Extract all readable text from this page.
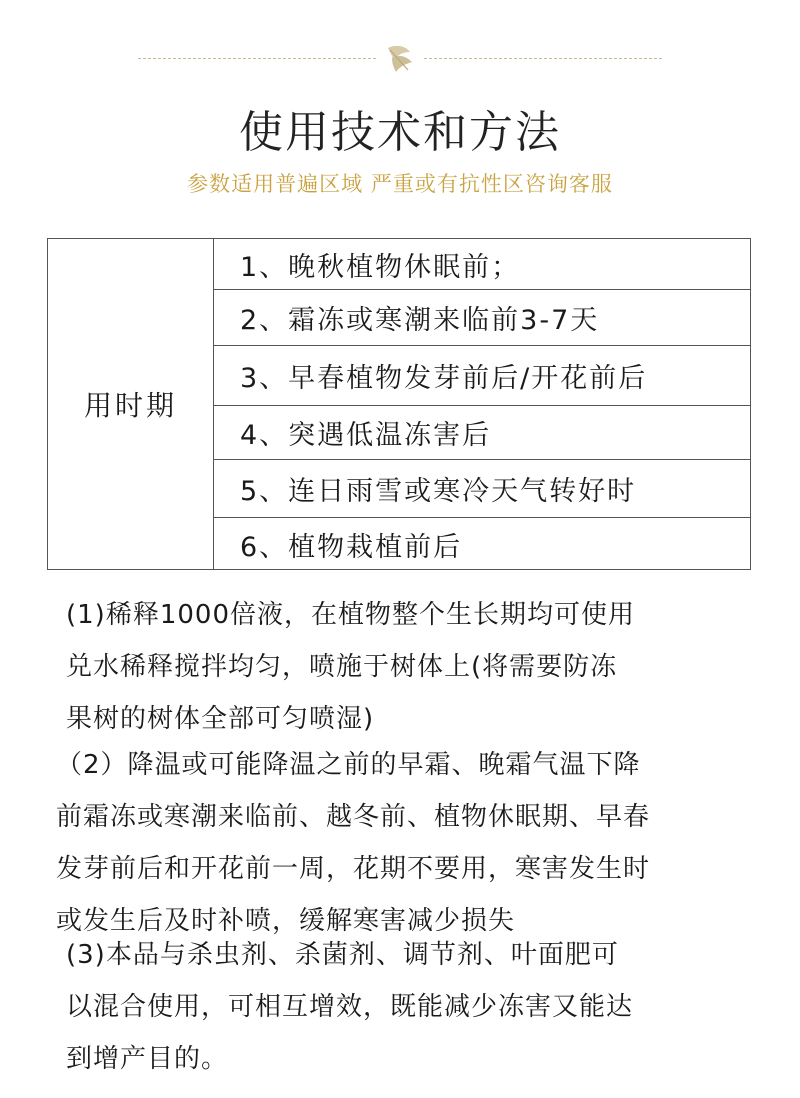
使用技术和方法
参数适用普遍区域 严重或有抗性区咨询客服
用时期
1、晚秋植物休眠前；
2、霜冻或寒潮来临前3-7天
3、早春植物发芽前后/开花前后
4、突遇低温冻害后
5、连日雨雪或寒冷天气转好时
6、植物栽植前后
(1)稀释1000倍液，在植物整个生长期均可使用
兑水稀释搅拌均匀，喷施于树体上(将需要防冻
果树的树体全部可匀喷湿)
（2）降温或可能降温之前的早霜、晚霜气温下降
前霜冻或寒潮来临前、越冬前、植物休眠期、早春
发芽前后和开花前一周，花期不要用，寒害发生时
或发生后及时补喷，缓解寒害减少损失
(3)本品与杀虫剂、杀菌剂、调节剂、叶面肥可
以混合使用，可相互增效，既能减少冻害又能达
到增产目的。
